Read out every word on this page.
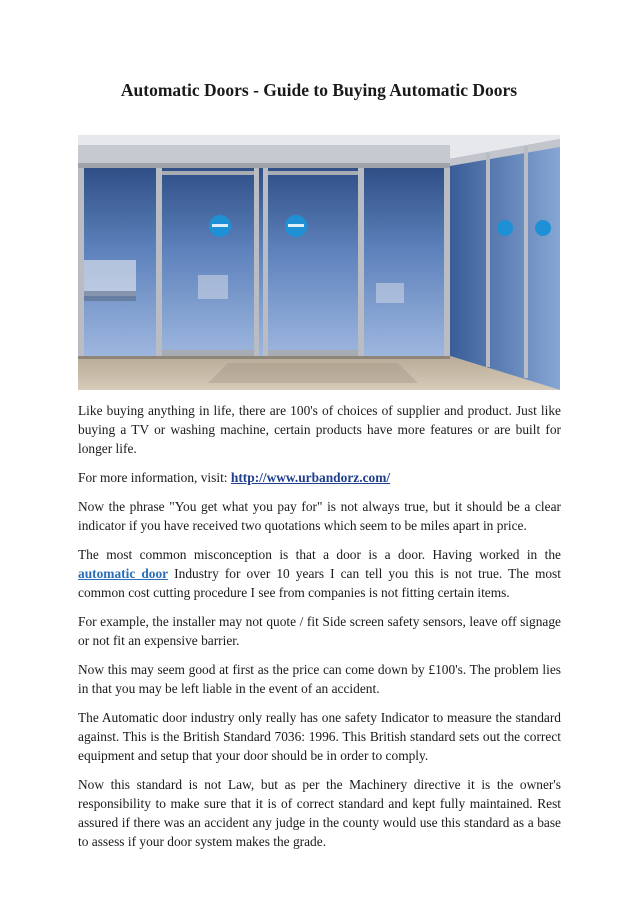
Automatic Doors - Guide to Buying Automatic Doors

Like buying anything in life, there are 100's of choices of supplier and product. Just like buying a TV or washing machine, certain products have more features or are built for longer life.

For more information, visit: http://www.urbandorz.com/

Now the phrase "You get what you pay for" is not always true, but it should be a clear indicator if you have received two quotations which seem to be miles apart in price.

The most common misconception is that a door is a door. Having worked in the automatic door Industry for over 10 years I can tell you this is not true. The most common cost cutting procedure I see from companies is not fitting certain items.

For example, the installer may not quote / fit Side screen safety sensors, leave off signage or not fit an expensive barrier.

Now this may seem good at first as the price can come down by £100's. The problem lies in that you may be left liable in the event of an accident.

The Automatic door industry only really has one safety Indicator to measure the standard against. This is the British Standard 7036: 1996. This British standard sets out the correct equipment and setup that your door should be in order to comply.

Now this standard is not Law, but as per the Machinery directive it is the owner's responsibility to make sure that it is of correct standard and kept fully maintained. Rest assured if there was an accident any judge in the county would use this standard as a base to assess if your door system makes the grade.
